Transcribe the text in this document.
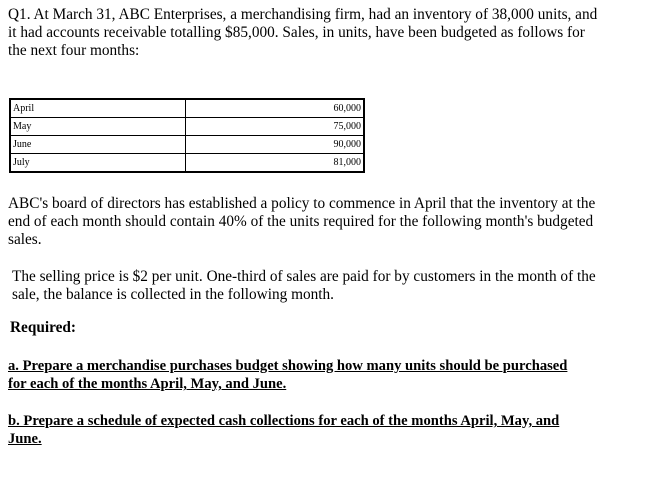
Q1. At March 31, ABC Enterprises, a merchandising firm, had an inventory of 38,000 units, and
it had accounts receivable totalling $85,000. Sales, in units, have been budgeted as follows for
the next four months:
April	60,000
May	75,000
June	90,000
July	81,000
ABC's board of directors has established a policy to commence in April that the inventory at the
end of each month should contain 40% of the units required for the following month's budgeted
sales.
The selling price is $2 per unit. One-third of sales are paid for by customers in the month of the
sale, the balance is collected in the following month.
Required:
a. Prepare a merchandise purchases budget showing how many units should be purchased
for each of the months April, May, and June.
b. Prepare a schedule of expected cash collections for each of the months April, May, and
June.
